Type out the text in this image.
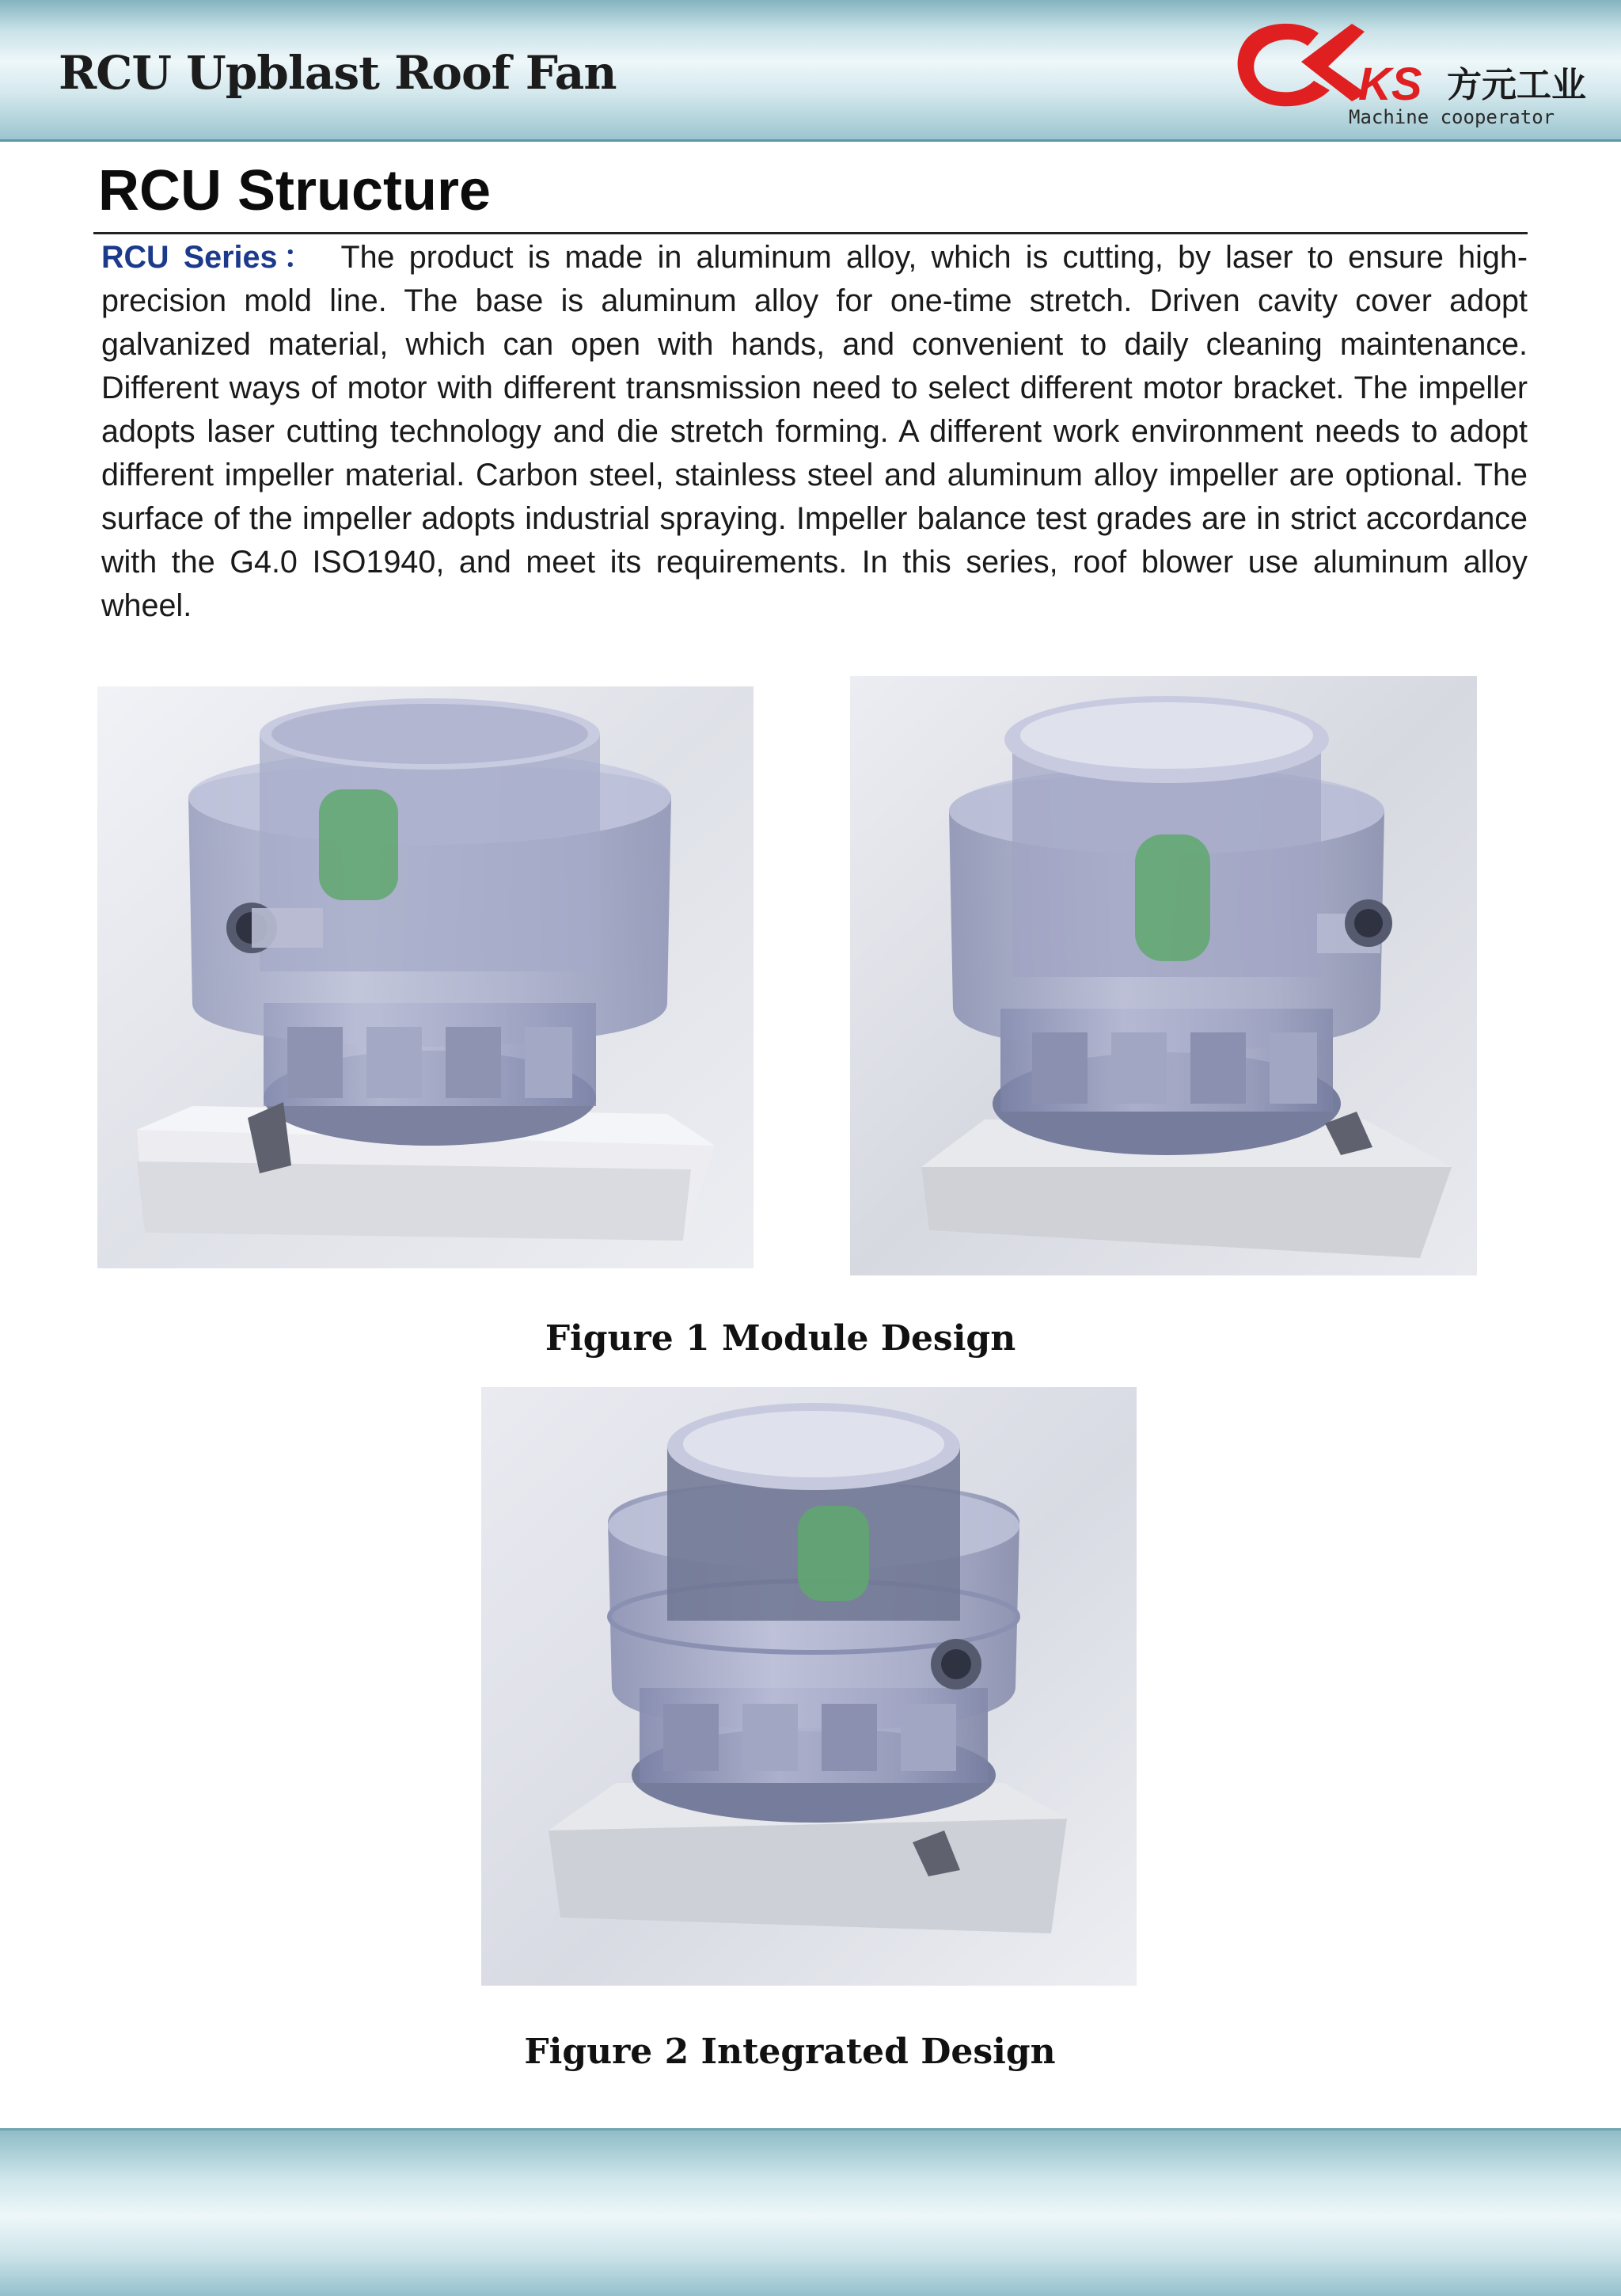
RCU Upblast Roof Fan	KS 方元工业
Machine cooperator
RCU Structure
RCU Series： The product is made in aluminum alloy, which is cutting, by laser to ensure high-precision mold line. The base is aluminum alloy for one-time stretch. Driven cavity cover adopt galvanized material, which can open with hands, and convenient to daily cleaning maintenance. Different ways of motor with different transmission need to select different motor bracket. The impeller adopts laser cutting technology and die stretch forming. A different work environment needs to adopt different impeller material. Carbon steel, stainless steel and aluminum alloy impeller are optional. The surface of the impeller adopts industrial spraying. Impeller balance test grades are in strict accordance with the G4.0 ISO1940, and meet its requirements. In this series, roof blower use aluminum alloy wheel.
Figure 1 Module Design
Figure 2 Integrated Design
